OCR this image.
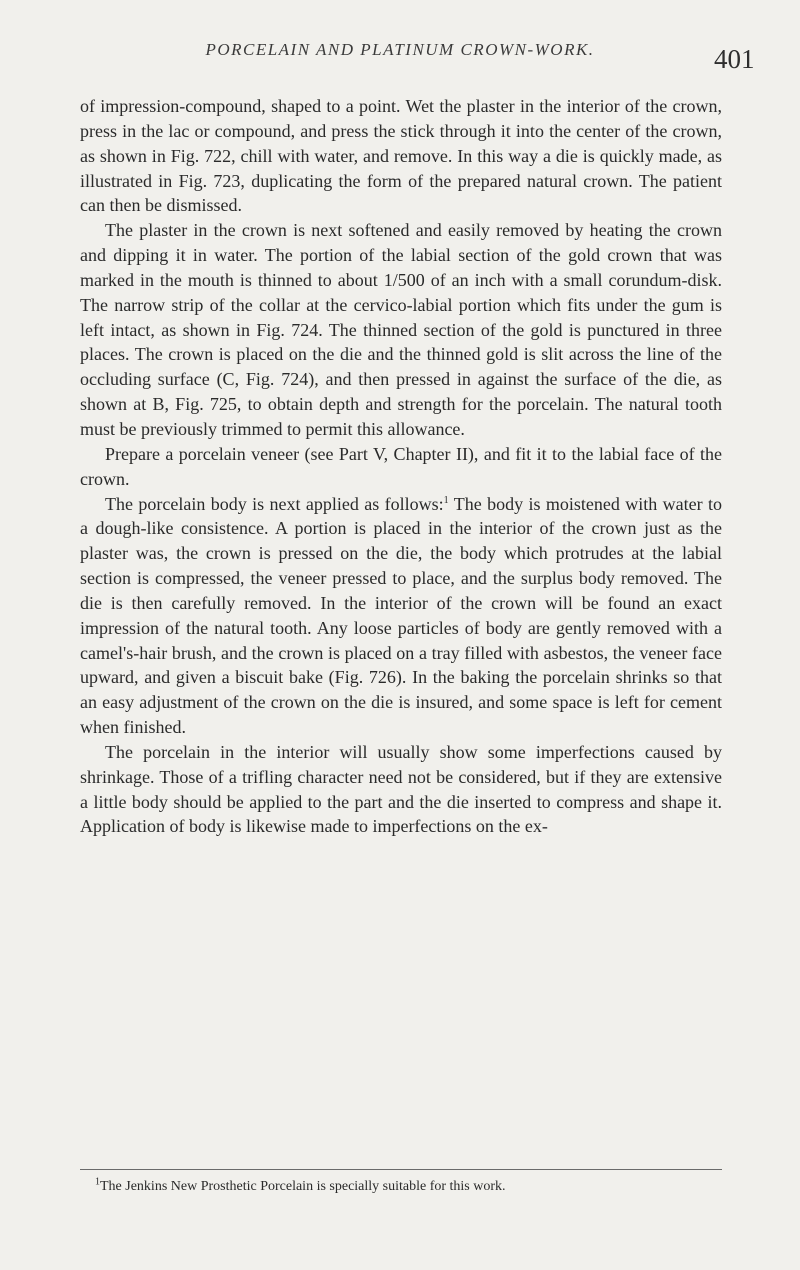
PORCELAIN AND PLATINUM CROWN-WORK.	401

of impression-compound, shaped to a point. Wet the plaster in the interior of the crown, press in the lac or compound, and press the stick through it into the center of the crown, as shown in Fig. 722, chill with water, and remove. In this way a die is quickly made, as illustrated in Fig. 723, duplicating the form of the prepared natural crown. The patient can then be dismissed.

The plaster in the crown is next softened and easily removed by heating the crown and dipping it in water. The portion of the labial section of the gold crown that was marked in the mouth is thinned to about 1/500 of an inch with a small corundum-disk. The narrow strip of the collar at the cervico-labial portion which fits under the gum is left intact, as shown in Fig. 724. The thinned section of the gold is punctured in three places. The crown is placed on the die and the thinned gold is slit across the line of the occluding surface (C, Fig. 724), and then pressed in against the surface of the die, as shown at B, Fig. 725, to obtain depth and strength for the porcelain. The natural tooth must be previously trimmed to permit this allowance.

Prepare a porcelain veneer (see Part V, Chapter II), and fit it to the labial face of the crown.

The porcelain body is next applied as follows:$^1$ The body is moistened with water to a dough-like consistence. A portion is placed in the interior of the crown just as the plaster was, the crown is pressed on the die, the body which protrudes at the labial section is compressed, the veneer pressed to place, and the surplus body removed. The die is then carefully removed. In the interior of the crown will be found an exact impression of the natural tooth. Any loose particles of body are gently removed with a camel's-hair brush, and the crown is placed on a tray filled with asbestos, the veneer face upward, and given a biscuit bake (Fig. 726). In the baking the porcelain shrinks so that an easy adjustment of the crown on the die is insured, and some space is left for cement when finished.

The porcelain in the interior will usually show some imperfections caused by shrinkage. Those of a trifling character need not be considered, but if they are extensive a little body should be applied to the part and the die inserted to compress and shape it. Application of body is likewise made to imperfections on the ex-

$^1$The Jenkins New Prosthetic Porcelain is specially suitable for this work.
